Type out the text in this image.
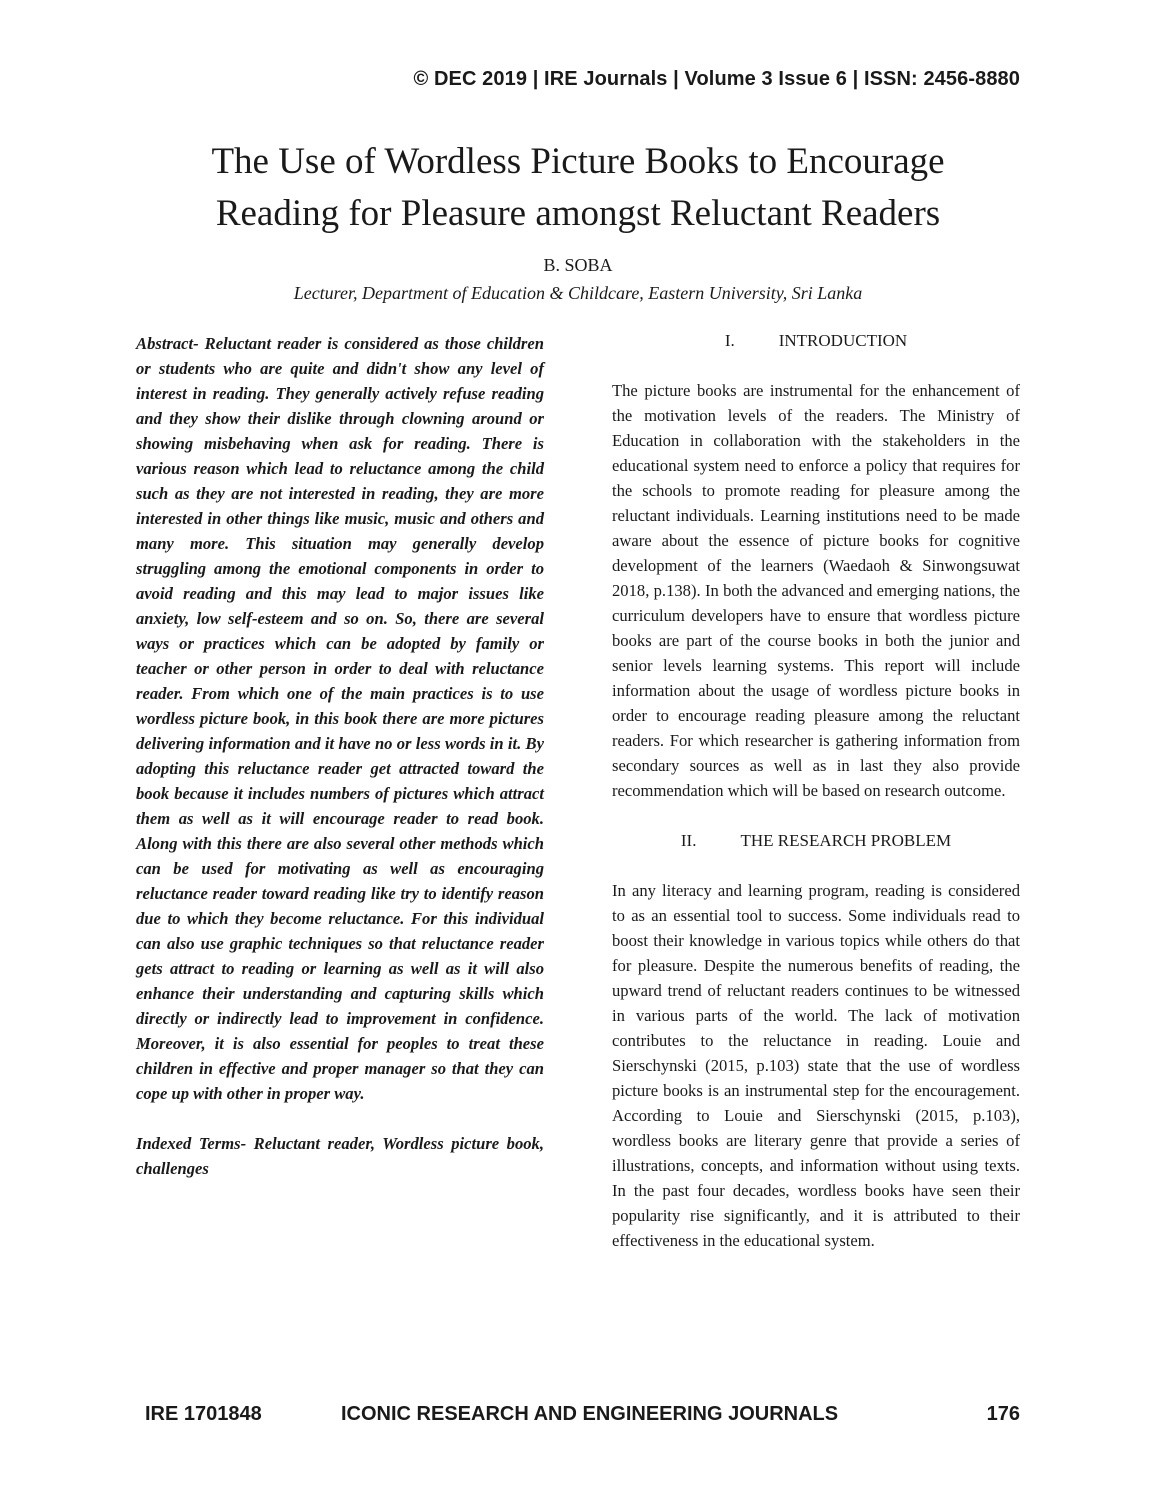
© DEC 2019 | IRE Journals | Volume 3 Issue 6 | ISSN: 2456-8880
The Use of Wordless Picture Books to Encourage
Reading for Pleasure amongst Reluctant Readers
B. SOBA
Lecturer, Department of Education & Childcare, Eastern University, Sri Lanka

Abstract- Reluctant reader is considered as those children or students who are quite and didn't show any level of interest in reading. They generally actively refuse reading and they show their dislike through clowning around or showing misbehaving when ask for reading. There is various reason which lead to reluctance among the child such as they are not interested in reading, they are more interested in other things like music, music and others and many more. This situation may generally develop struggling among the emotional components in order to avoid reading and this may lead to major issues like anxiety, low self-esteem and so on. So, there are several ways or practices which can be adopted by family or teacher or other person in order to deal with reluctance reader. From which one of the main practices is to use wordless picture book, in this book there are more pictures delivering information and it have no or less words in it. By adopting this reluctance reader get attracted toward the book because it includes numbers of pictures which attract them as well as it will encourage reader to read book. Along with this there are also several other methods which can be used for motivating as well as encouraging reluctance reader toward reading like try to identify reason due to which they become reluctance. For this individual can also use graphic techniques so that reluctance reader gets attract to reading or learning as well as it will also enhance their understanding and capturing skills which directly or indirectly lead to improvement in confidence. Moreover, it is also essential for peoples to treat these children in effective and proper manager so that they can cope up with other in proper way.

Indexed Terms- Reluctant reader, Wordless picture book, challenges

I.	INTRODUCTION

The picture books are instrumental for the enhancement of the motivation levels of the readers. The Ministry of Education in collaboration with the stakeholders in the educational system need to enforce a policy that requires for the schools to promote reading for pleasure among the reluctant individuals. Learning institutions need to be made aware about the essence of picture books for cognitive development of the learners (Waedaoh & Sinwongsuwat 2018, p.138). In both the advanced and emerging nations, the curriculum developers have to ensure that wordless picture books are part of the course books in both the junior and senior levels learning systems. This report will include information about the usage of wordless picture books in order to encourage reading pleasure among the reluctant readers. For which researcher is gathering information from secondary sources as well as in last they also provide recommendation which will be based on research outcome.

II.	THE RESEARCH PROBLEM

In any literacy and learning program, reading is considered to as an essential tool to success. Some individuals read to boost their knowledge in various topics while others do that for pleasure. Despite the numerous benefits of reading, the upward trend of reluctant readers continues to be witnessed in various parts of the world. The lack of motivation contributes to the reluctance in reading. Louie and Sierschynski (2015, p.103) state that the use of wordless picture books is an instrumental step for the encouragement. According to Louie and Sierschynski (2015, p.103), wordless books are literary genre that provide a series of illustrations, concepts, and information without using texts. In the past four decades, wordless books have seen their popularity rise significantly, and it is attributed to their effectiveness in the educational system.

IRE 1701848	ICONIC RESEARCH AND ENGINEERING JOURNALS	176
